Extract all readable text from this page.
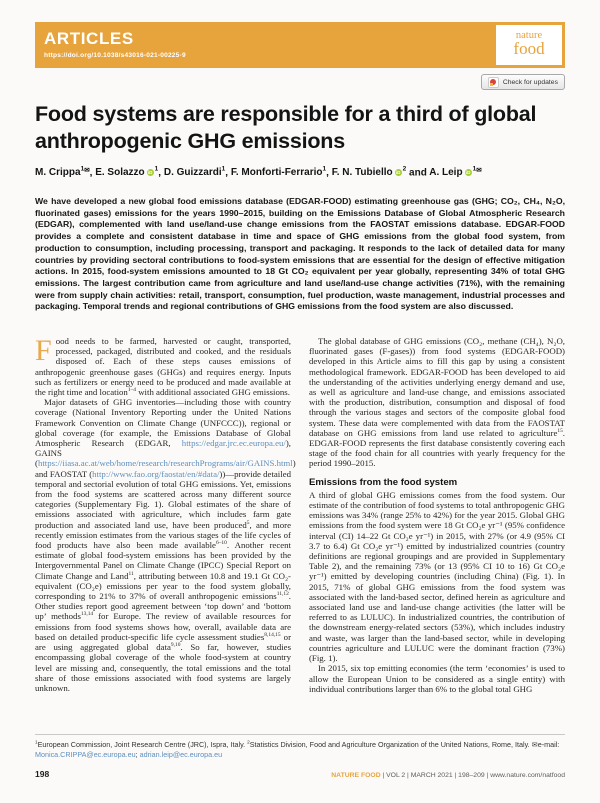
ARTICLES
https://doi.org/10.1038/s43016-021-00225-9
nature
food
Check for updates
Food systems are responsible for a third of global
anthropogenic GHG emissions
M. Crippa$^{1✉}$, E. Solazzo iD $^1$, D. Guizzardi$^1$, F. Monforti-Ferrario$^1$, F. N. Tubiello iD $^2$ and A. Leip iD $^{1✉}$
We have developed a new global food emissions database (EDGAR-FOOD) estimating greenhouse gas (GHG; CO₂, CH₄, N₂O, fluorinated gases) emissions for the years 1990–2015, building on the Emissions Database of Global Atmospheric Research (EDGAR), complemented with land use/land-use change emissions from the FAOSTAT emissions database. EDGAR-FOOD provides a complete and consistent database in time and space of GHG emissions from the global food system, from production to consumption, including processing, transport and packaging. It responds to the lack of detailed data for many countries by providing sectoral contributions to food-system emissions that are essential for the design of effective mitigation actions. In 2015, food-system emissions amounted to 18 Gt CO₂ equivalent per year globally, representing 34% of total GHG emissions. The largest contribution came from agriculture and land use/land-use change activities (71%), with the remaining were from supply chain activities: retail, transport, consumption, fuel production, waste management, industrial processes and packaging. Temporal trends and regional contributions of GHG emissions from the food system are also discussed.

Food needs to be farmed, harvested or caught, transported, processed, packaged, distributed and cooked, and the residuals disposed of. Each of these steps causes emissions of anthropogenic greenhouse gases (GHGs) and requires energy. Inputs such as fertilizers or energy need to be produced and made available at the right time and location$^{1-4}$ with additional associated GHG emissions.

Major datasets of GHG inventories—including those with country coverage (National Inventory Reporting under the United Nations Framework Convention on Climate Change (UNFCCC)), regional or global coverage (for example, the Emissions Database of Global Atmospheric Research (EDGAR, https://edgar.jrc.ec.europa.eu/), GAINS (https://iiasa.ac.at/web/home/research/researchPrograms/air/GAINS.html) and FAOSTAT (http://www.fao.org/faostat/en/#data/))—provide detailed temporal and sectorial evolution of total GHG emissions. Yet, emissions from the food systems are scattered across many different source categories (Supplementary Fig. 1). Global estimates of the share of emissions associated with agriculture, which includes farm gate production and associated land use, have been produced$^5$, and more recently emission estimates from the various stages of the life cycles of food products have also been made available$^{6-10}$. Another recent estimate of global food-system emissions has been provided by the Intergovernmental Panel on Climate Change (IPCC) Special Report on Climate Change and Land$^{11}$, attributing between 10.8 and 19.1 Gt CO₂-equivalent (CO₂e) emissions per year to the food system globally, corresponding to 21% to 37% of overall anthropogenic emissions$^{11,12}$. Other studies report good agreement between ‘top down’ and ‘bottom up’ methods$^{13,14}$ for Europe. The review of available resources for emissions from food systems shows how, overall, available data are based on detailed product-specific life cycle assessment studies$^{8,14,15}$ or are using aggregated global data$^{9,10}$. So far, however, studies encompassing global coverage of the whole food-system at country level are missing and, consequently, the total emissions and the total share of those emissions associated with food systems are largely unknown.

The global database of GHG emissions (CO₂, methane (CH₄), N₂O, fluorinated gases (F-gases)) from food systems (EDGAR-FOOD) developed in this Article aims to fill this gap by using a consistent methodological framework. EDGAR-FOOD has been developed to aid the understanding of the activities underlying energy demand and use, as well as agriculture and land-use change, and emissions associated with the production, distribution, consumption and disposal of food through the various stages and sectors of the composite global food system. These data were complemented with data from the FAOSTAT database on GHG emissions from land use related to agriculture$^{15}$. EDGAR-FOOD represents the first database consistently covering each stage of the food chain for all countries with yearly frequency for the period 1990–2015.

Emissions from the food system

A third of global GHG emissions comes from the food system. Our estimate of the contribution of food systems to total anthropogenic GHG emissions was 34% (range 25% to 42%) for the year 2015. Global GHG emissions from the food system were 18 Gt CO₂e yr⁻¹ (95% confidence interval (CI) 14–22 Gt CO₂e yr⁻¹) in 2015, with 27% (or 4.9 (95% CI 3.7 to 6.4) Gt CO₂e yr⁻¹) emitted by industrialized countries (country definitions are regional groupings and are provided in Supplementary Table 2), and the remaining 73% (or 13 (95% CI 10 to 16) Gt CO₂e yr⁻¹) emitted by developing countries (including China) (Fig. 1). In 2015, 71% of global GHG emissions from the food system was associated with the land-based sector, defined herein as agriculture and associated land use and land-use change activities (the latter will be referred to as LULUC). In industrialized countries, the contribution of the downstream energy-related sectors (53%), which includes industry and waste, was larger than the land-based sector, while in developing countries agriculture and LULUC were the dominant fraction (73%) (Fig. 1).

In 2015, six top emitting economies (the term ‘economies’ is used to allow the European Union to be considered as a single entity) with individual contributions larger than 6% to the global total GHG

$^1$European Commission, Joint Research Centre (JRC), Ispra, Italy. $^2$Statistics Division, Food and Agriculture Organization of the United Nations, Rome, Italy. ✉e-mail: Monica.CRIPPA@ec.europa.eu; adrian.leip@ec.europa.eu
198	NATURE FOOD | VOL 2 | MARCH 2021 | 198–209 | www.nature.com/natfood
